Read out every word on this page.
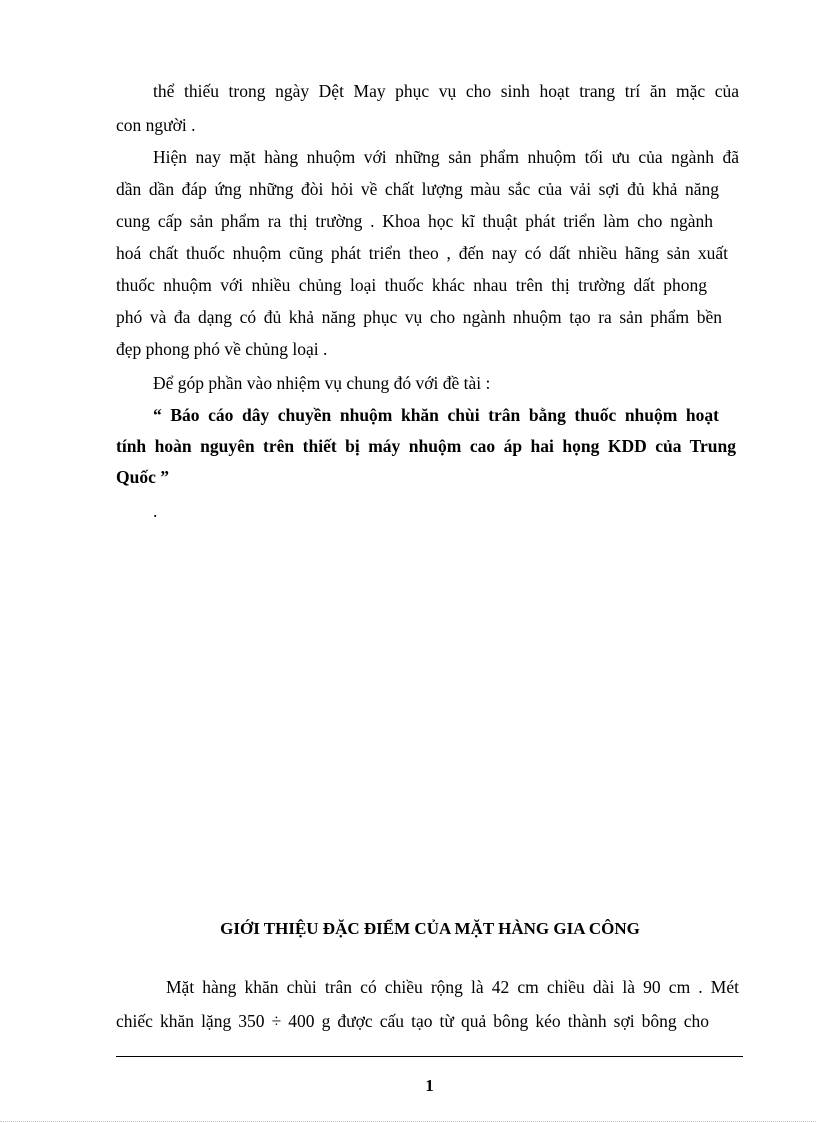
thể thiếu trong ngày Dệt May phục vụ cho sinh hoạt trang trí ăn mặc của
con người .
Hiện nay mặt hàng nhuộm với những sản phẩm nhuộm tối ưu của ngành đã
dần dần đáp ứng những đòi hỏi về chất lượng màu sắc của vải sợi đủ khả năng
cung cấp sản phẩm ra thị trường . Khoa học kĩ thuật phát triển làm cho ngành
hoá chất thuốc nhuộm cũng phát triển theo , đến nay có dất nhiều hãng sản xuất
thuốc nhuộm với nhiều chủng loại thuốc khác nhau trên thị trường dất phong
phó và đa dạng có đủ khả năng phục vụ cho ngành nhuộm tạo ra sản phẩm bền
đẹp phong phó về chủng loại .
Để góp phần vào nhiệm vụ chung đó với đề tài :
“ Báo cáo dây chuyền nhuộm khăn chùi trân bằng thuốc nhuộm hoạt
tính hoàn nguyên trên thiết bị máy nhuộm cao áp hai họng KDD của Trung
Quốc ”
.
GIỚI THIỆU ĐẶC ĐIỂM CỦA MẶT HÀNG GIA CÔNG
Mặt hàng khăn chùi trân có chiều rộng là 42 cm chiều dài là 90 cm . Mét
chiếc khăn lặng 350 ÷ 400 g được cấu tạo từ quả bông kéo thành sợi bông cho
1
